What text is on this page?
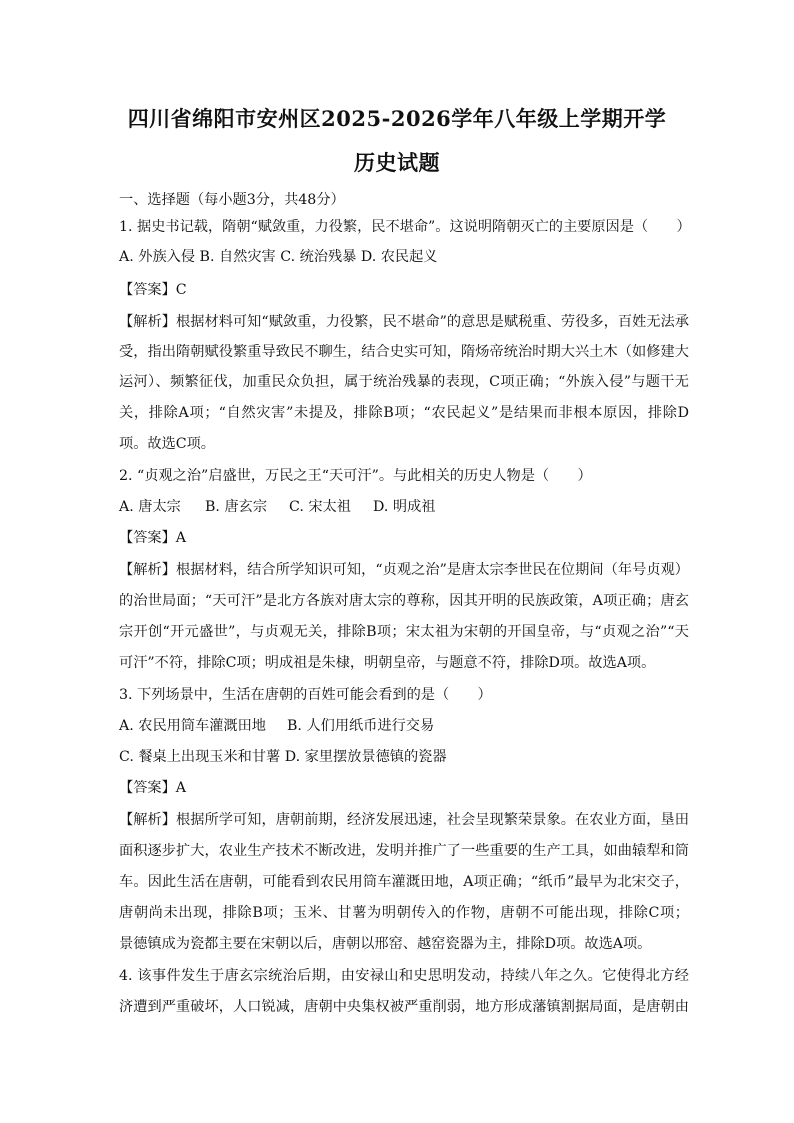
四川省绵阳市安州区2025-2026学年八年级上学期开学
历史试题
一、选择题（每小题3分，共48分）
1. 据史书记载，隋朝“赋敛重，力役繁，民不堪命”。这说明隋朝灭亡的主要原因是（　　）
A. 外族入侵 B. 自然灾害 C. 统治残暴 D. 农民起义
【答案】C
【解析】根据材料可知“赋敛重，力役繁，民不堪命”的意思是赋税重、劳役多，百姓无法承
受，指出隋朝赋役繁重导致民不聊生，结合史实可知，隋炀帝统治时期大兴土木（如修建大
运河）、频繁征伐，加重民众负担，属于统治残暴的表现，C项正确；“外族入侵”与题干无
关，排除A项；“自然灾害”未提及，排除B项；“农民起义”是结果而非根本原因，排除D
项。故选C项。
2. “贞观之治”启盛世，万民之王“天可汗”。与此相关的历史人物是（　　）
A. 唐太宗 B. 唐玄宗 C. 宋太祖 D. 明成祖
【答案】A
【解析】根据材料，结合所学知识可知，“贞观之治”是唐太宗李世民在位期间（年号贞观）
的治世局面；“天可汗”是北方各族对唐太宗的尊称，因其开明的民族政策，A项正确；唐玄
宗开创“开元盛世”，与贞观无关，排除B项；宋太祖为宋朝的开国皇帝，与“贞观之治”“天
可汗”不符，排除C项；明成祖是朱棣，明朝皇帝，与题意不符，排除D项。故选A项。
3. 下列场景中，生活在唐朝的百姓可能会看到的是（　　）
A. 农民用筒车灌溉田地 B. 人们用纸币进行交易
C. 餐桌上出现玉米和甘薯 D. 家里摆放景德镇的瓷器
【答案】A
【解析】根据所学可知，唐朝前期，经济发展迅速，社会呈现繁荣景象。在农业方面，垦田
面积逐步扩大，农业生产技术不断改进，发明并推广了一些重要的生产工具，如曲辕犁和筒
车。因此生活在唐朝，可能看到农民用筒车灌溉田地，A项正确；“纸币”最早为北宋交子，
唐朝尚未出现，排除B项；玉米、甘薯为明朝传入的作物，唐朝不可能出现，排除C项；
景德镇成为瓷都主要在宋朝以后，唐朝以邢窑、越窑瓷器为主，排除D项。故选A项。
4. 该事件发生于唐玄宗统治后期，由安禄山和史思明发动，持续八年之久。它使得北方经
济遭到严重破坏，人口锐减，唐朝中央集权被严重削弱，地方形成藩镇割据局面，是唐朝由
